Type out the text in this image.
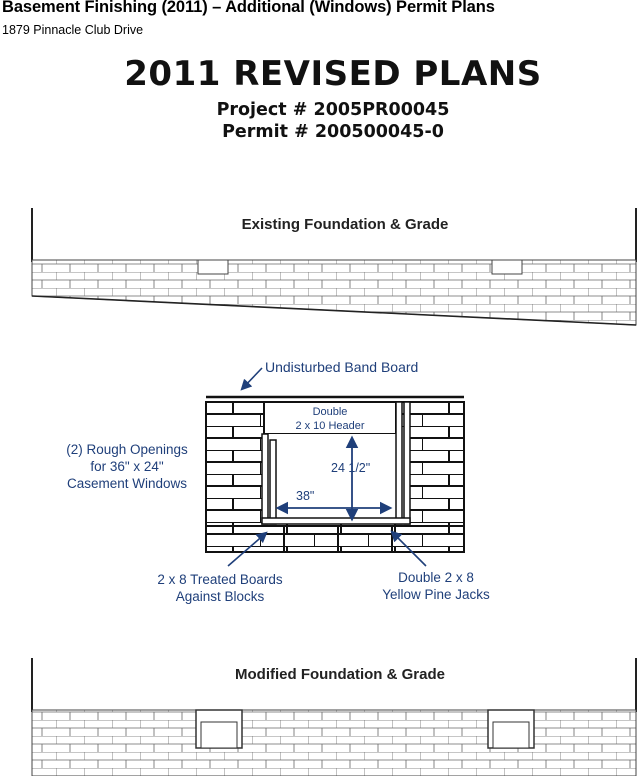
Basement Finishing (2011) – Additional (Windows) Permit Plans
1879 Pinnacle Club Drive
2011 REVISED PLANS
Project # 2005PR00045
Permit # 200500045-0
Existing Foundation & Grade
Double
2 x 10 Header
24 1/2"
38"
Undisturbed Band Board
(2) Rough Openings
for 36" x 24"
Casement Windows
2 x 8 Treated Boards
Against Blocks
Double 2 x 8
Yellow Pine Jacks
Modified Foundation & Grade
